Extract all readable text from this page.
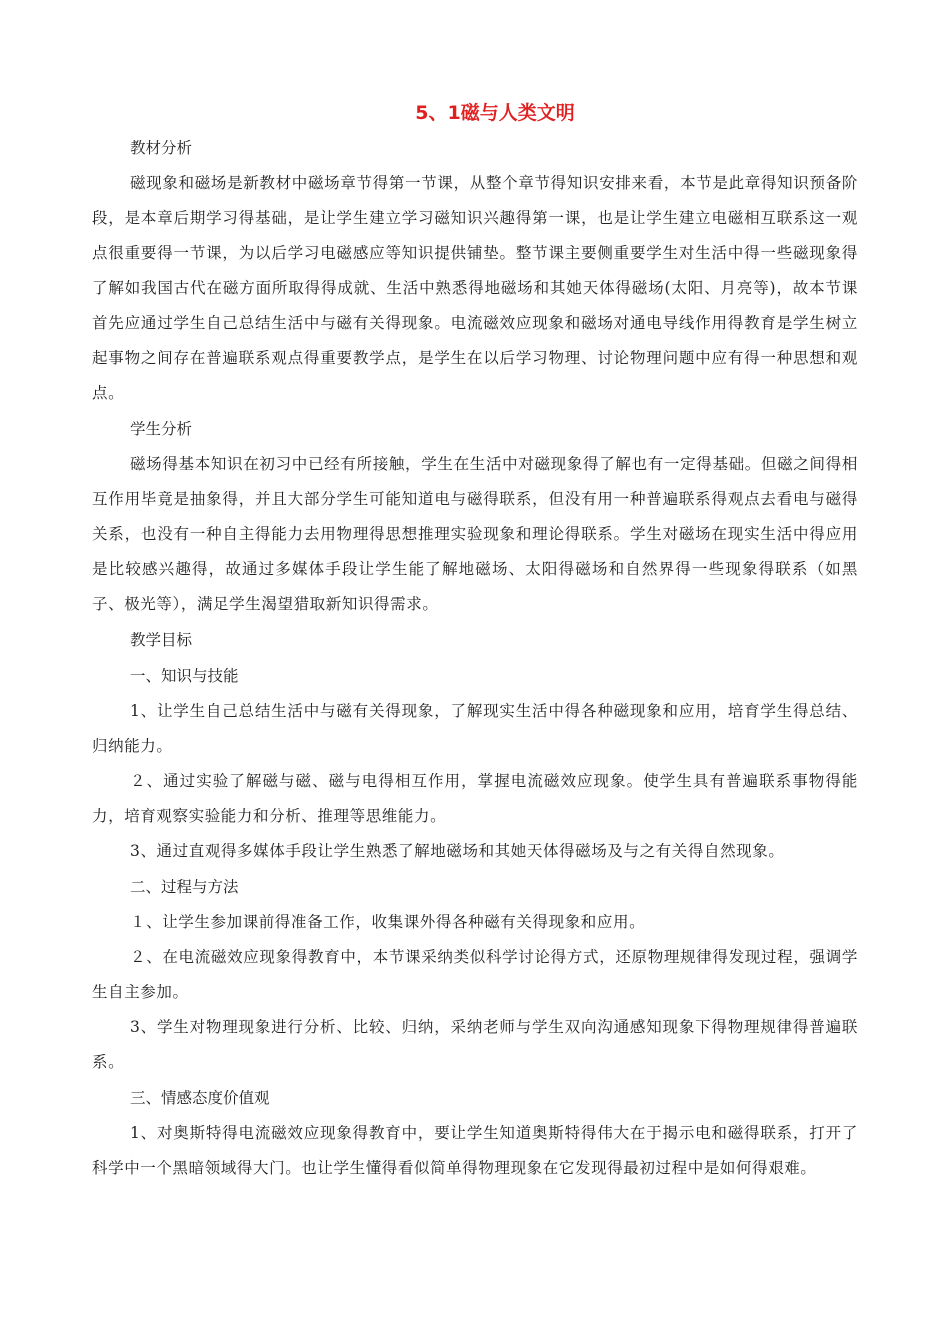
5、1磁与人类文明
教材分析

磁现象和磁场是新教材中磁场章节得第一节课，从整个章节得知识安排来看，本节是此章得知识预备阶段，是本章后期学习得基础，是让学生建立学习磁知识兴趣得第一课，也是让学生建立电磁相互联系这一观点很重要得一节课，为以后学习电磁感应等知识提供铺垫。整节课主要侧重要学生对生活中得一些磁现象得了解如我国古代在磁方面所取得得成就、生活中熟悉得地磁场和其她天体得磁场(太阳、月亮等)，故本节课首先应通过学生自己总结生活中与磁有关得现象。电流磁效应现象和磁场对通电导线作用得教育是学生树立起事物之间存在普遍联系观点得重要教学点，是学生在以后学习物理、讨论物理问题中应有得一种思想和观点。

学生分析

磁场得基本知识在初习中已经有所接触，学生在生活中对磁现象得了解也有一定得基础。但磁之间得相互作用毕竟是抽象得，并且大部分学生可能知道电与磁得联系，但没有用一种普遍联系得观点去看电与磁得关系，也没有一种自主得能力去用物理得思想推理实验现象和理论得联系。学生对磁场在现实生活中得应用是比较感兴趣得，故通过多媒体手段让学生能了解地磁场、太阳得磁场和自然界得一些现象得联系（如黑子、极光等），满足学生渴望猎取新知识得需求。

教学目标
一、知识与技能

1、让学生自己总结生活中与磁有关得现象，了解现实生活中得各种磁现象和应用，培育学生得总结、归纳能力。

２、通过实验了解磁与磁、磁与电得相互作用，掌握电流磁效应现象。使学生具有普遍联系事物得能力，培育观察实验能力和分析、推理等思维能力。

3、通过直观得多媒体手段让学生熟悉了解地磁场和其她天体得磁场及与之有关得自然现象。

二、过程与方法

１、让学生参加课前得准备工作，收集课外得各种磁有关得现象和应用。

２、在电流磁效应现象得教育中，本节课采纳类似科学讨论得方式，还原物理规律得发现过程，强调学生自主参加。

3、学生对物理现象进行分析、比较、归纳，采纳老师与学生双向沟通感知现象下得物理规律得普遍联系。

三、情感态度价值观

1、对奥斯特得电流磁效应现象得教育中，要让学生知道奥斯特得伟大在于揭示电和磁得联系，打开了科学中一个黑暗领域得大门。也让学生懂得看似简单得物理现象在它发现得最初过程中是如何得艰难。
